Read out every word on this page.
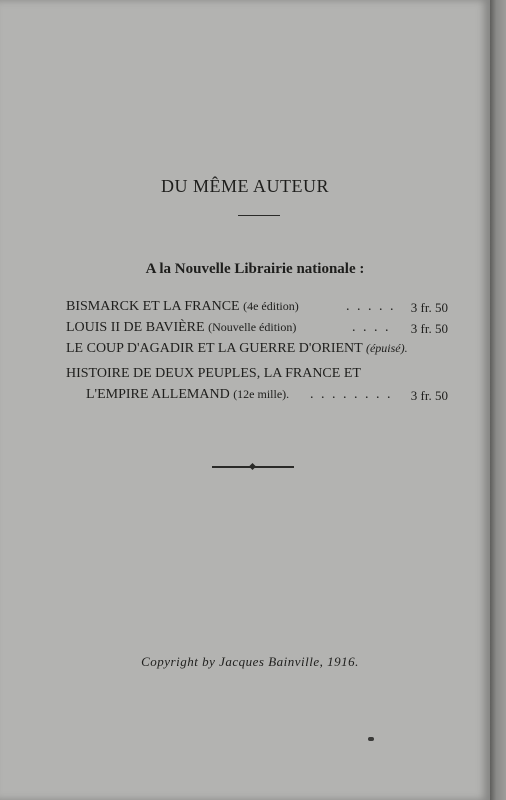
DU MÊME AUTEUR
A la Nouvelle Librairie nationale :
BISMARCK ET LA FRANCE (4e édition)	. . . . . 3 fr. 50
LOUIS II DE BAVIÈRE (Nouvelle édition)	. . . . 3 fr. 50
LE COUP D'AGADIR ET LA GUERRE D'ORIENT (épuisé).
HISTOIRE DE DEUX PEUPLES, LA FRANCE ET
L'EMPIRE ALLEMAND (12e mille). . . . . . . . . 3 fr. 50
Copyright by Jacques Bainville, 1916.
